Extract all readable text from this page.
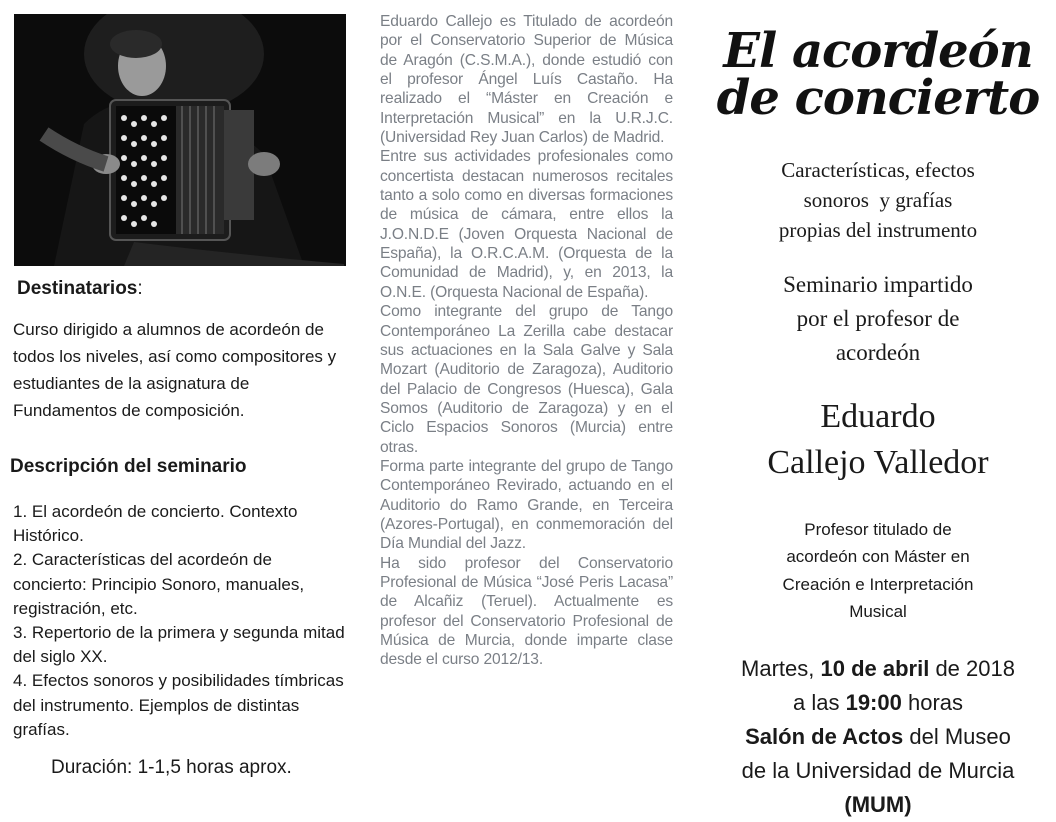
Destinatarios:
Curso dirigido a alumnos de acordeón de todos los niveles, así como compositores y estudiantes de la asignatura de Fundamentos de composición.
Descripción del seminario
1. El acordeón de concierto. Contexto Histórico.
2. Características del acordeón de concierto: Principio Sonoro, manuales, registración, etc.
3. Repertorio de la primera y segunda mitad del siglo XX.
4. Efectos sonoros y posibilidades tímbricas del instrumento. Ejemplos de distintas grafías.
Duración: 1-1,5 horas aprox.

Eduardo Callejo es Titulado de acordeón por el Conservatorio Superior de Música de Aragón (C.S.M.A.), donde estudió con el profesor Ángel Luís Castaño. Ha realizado el “Máster en Creación e Interpretación Musical” en la U.R.J.C. (Universidad Rey Juan Carlos) de Madrid.

Entre sus actividades profesionales como concertista destacan numerosos recitales tanto a solo como en diversas formaciones de música de cámara, entre ellos la J.O.N.D.E (Joven Orquesta Nacional de España), la O.R.C.A.M. (Orquesta de la Comunidad de Madrid), y, en 2013, la O.N.E. (Orquesta Nacional de España).

Como integrante del grupo de Tango Contemporáneo La Zerilla cabe destacar sus actuaciones en la Sala Galve y Sala Mozart (Auditorio de Zaragoza), Auditorio del Palacio de Congresos (Huesca), Gala Somos (Auditorio de Zaragoza) y en el Ciclo Espacios Sonoros (Murcia) entre otras.

Forma parte integrante del grupo de Tango Contemporáneo Revirado, actuando en el Auditorio do Ramo Grande, en Terceira (Azores-Portugal), en conmemoración del Día Mundial del Jazz.

Ha sido profesor del Conservatorio Profesional de Música “José Peris Lacasa” de Alcañiz (Teruel). Actualmente es profesor del Conservatorio Profesional de Música de Murcia, donde imparte clase desde el curso 2012/13.

El acordeón
de concierto
Características, efectos
sonoros  y grafías
propias del instrumento
Seminario impartido
por el profesor de
acordeón
Eduardo
Callejo Valledor
Profesor titulado de
acordeón con Máster en
Creación e Interpretación
Musical
Martes, 10 de abril de 2018
a las 19:00 horas
Salón de Actos del Museo
de la Universidad de Murcia
(MUM)
